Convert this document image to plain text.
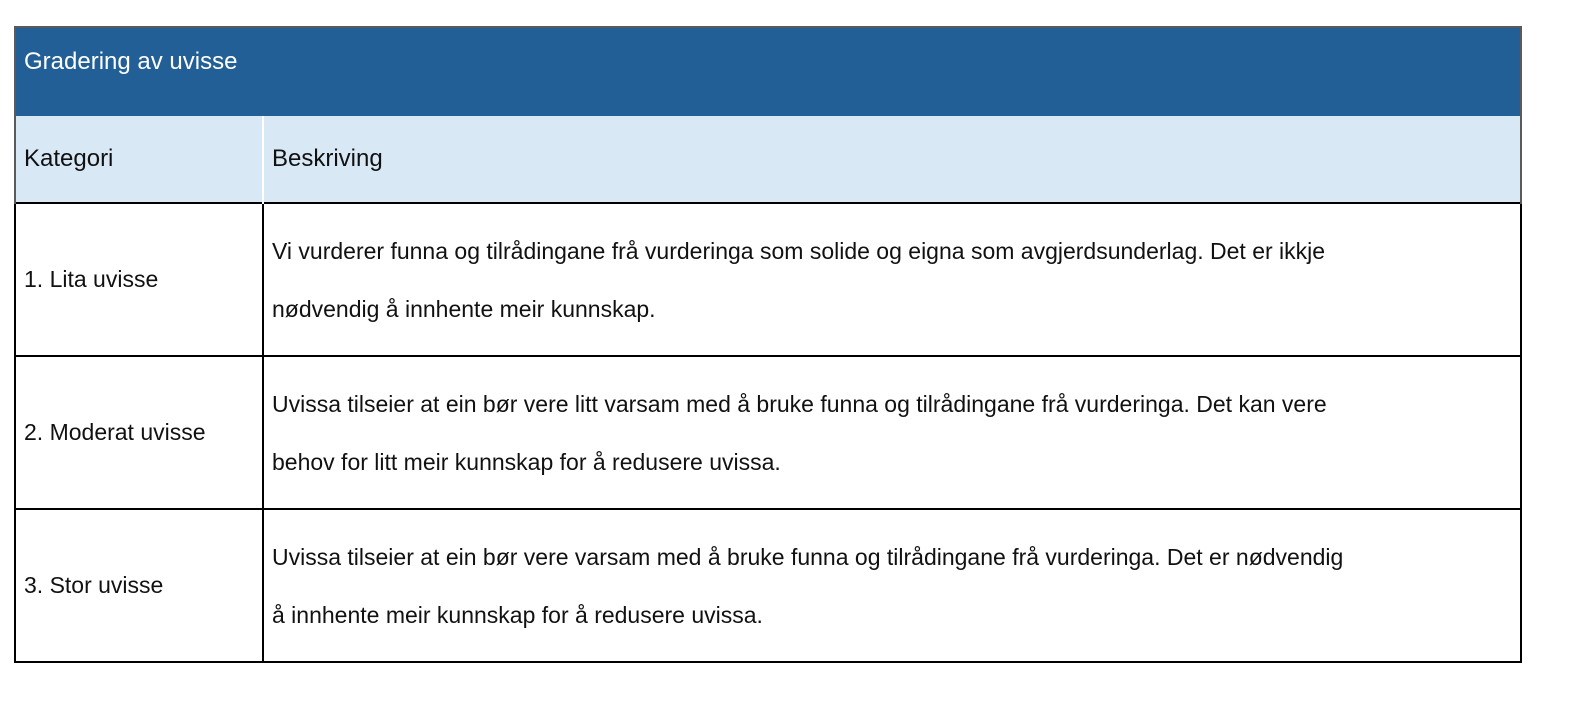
Gradering av uvisse	

Kategori	Beskriving
1. Lita uvisse	Vi vurderer funna og tilrådingane frå vurderinga som solide og eigna som avgjerdsunderlag. Det er ikkje
nødvendig å innhente meir kunnskap.

2. Moderat uvisse	Uvissa tilseier at ein bør vere litt varsam med å bruke funna og tilrådingane frå vurderinga. Det kan vere
behov for litt meir kunnskap for å redusere uvissa.

3. Stor uvisse	Uvissa tilseier at ein bør vere varsam med å bruke funna og tilrådingane frå vurderinga. Det er nødvendig
å innhente meir kunnskap for å redusere uvissa.
